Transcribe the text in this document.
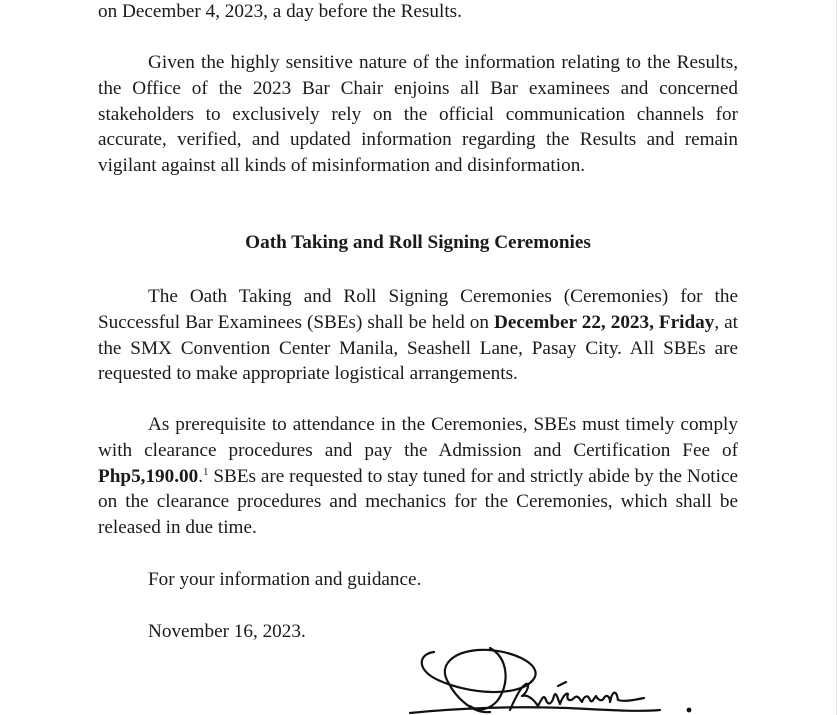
on December 4, 2023, a day before the Results.

Given the highly sensitive nature of the information relating to the Results, the Office of the 2023 Bar Chair enjoins all Bar examinees and concerned stakeholders to exclusively rely on the official communication channels for accurate, verified, and updated information regarding the Results and remain vigilant against all kinds of misinformation and disinformation.

Oath Taking and Roll Signing Ceremonies

The Oath Taking and Roll Signing Ceremonies (Ceremonies) for the Successful Bar Examinees (SBEs) shall be held on December 22, 2023, Friday, at the SMX Convention Center Manila, Seashell Lane, Pasay City. All SBEs are requested to make appropriate logistical arrangements.

As prerequisite to attendance in the Ceremonies, SBEs must timely comply with clearance procedures and pay the Admission and Certification Fee of Php5,190.00.$^1$ SBEs are requested to stay tuned for and strictly abide by the Notice on the clearance procedures and mechanics for the Ceremonies, which shall be released in due time.

For your information and guidance.

November 16, 2023.
